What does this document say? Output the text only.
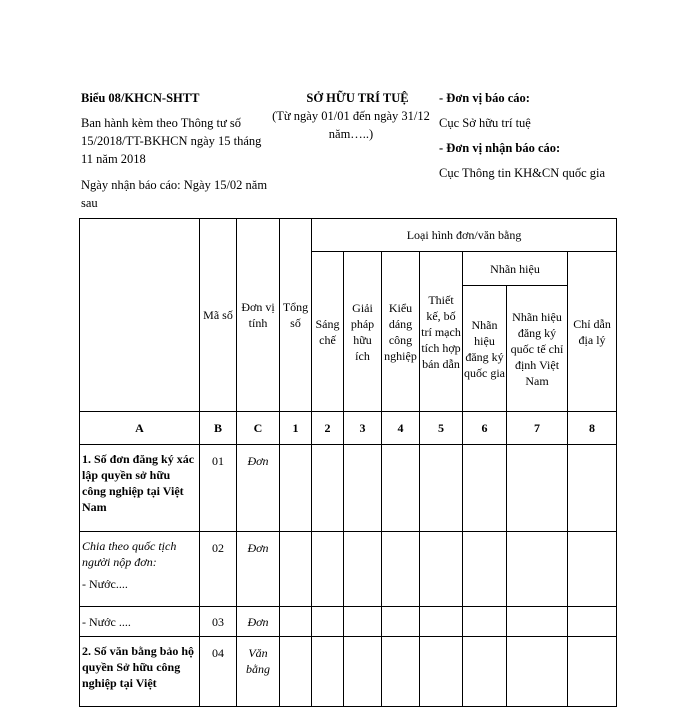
Biểu 08/KHCN-SHTT
Ban hành kèm theo Thông tư số 15/2018/TT-BKHCN ngày 15 tháng 11 năm 2018
Ngày nhận báo cáo: Ngày 15/02 năm sau
SỞ HỮU TRÍ TUỆ
(Từ ngày 01/01 đến ngày 31/12 năm…..)
- Đơn vị báo cáo:
Cục Sở hữu trí tuệ
- Đơn vị nhận báo cáo:
Cục Thông tin KH&CN quốc gia
	Mã số	Đơn vị tính	Tổng số	Loại hình đơn/văn bằng						
				Sáng chế	Giải pháp hữu ích	Kiểu dáng công nghiệp	Thiết kế, bố trí mạch tích hợp bán dẫn	Nhãn hiệu		Chỉ dẫn địa lý
								Nhãn hiệu đăng ký quốc gia	Nhãn hiệu đăng ký quốc tế chỉ định Việt Nam	
A	B	C	1	2	3	4	5	6	7	8
1. Số đơn đăng ký xác lập quyền sở hữu công nghiệp tại Việt Nam	01	Đơn								

Chia theo quốc tịch người nộp đơn:
- Nước....	02	Đơn								
- Nước ....	03	Đơn								
2. Số văn bằng bảo hộ quyền Sở hữu công nghiệp tại Việt	04	Văn bằng								
